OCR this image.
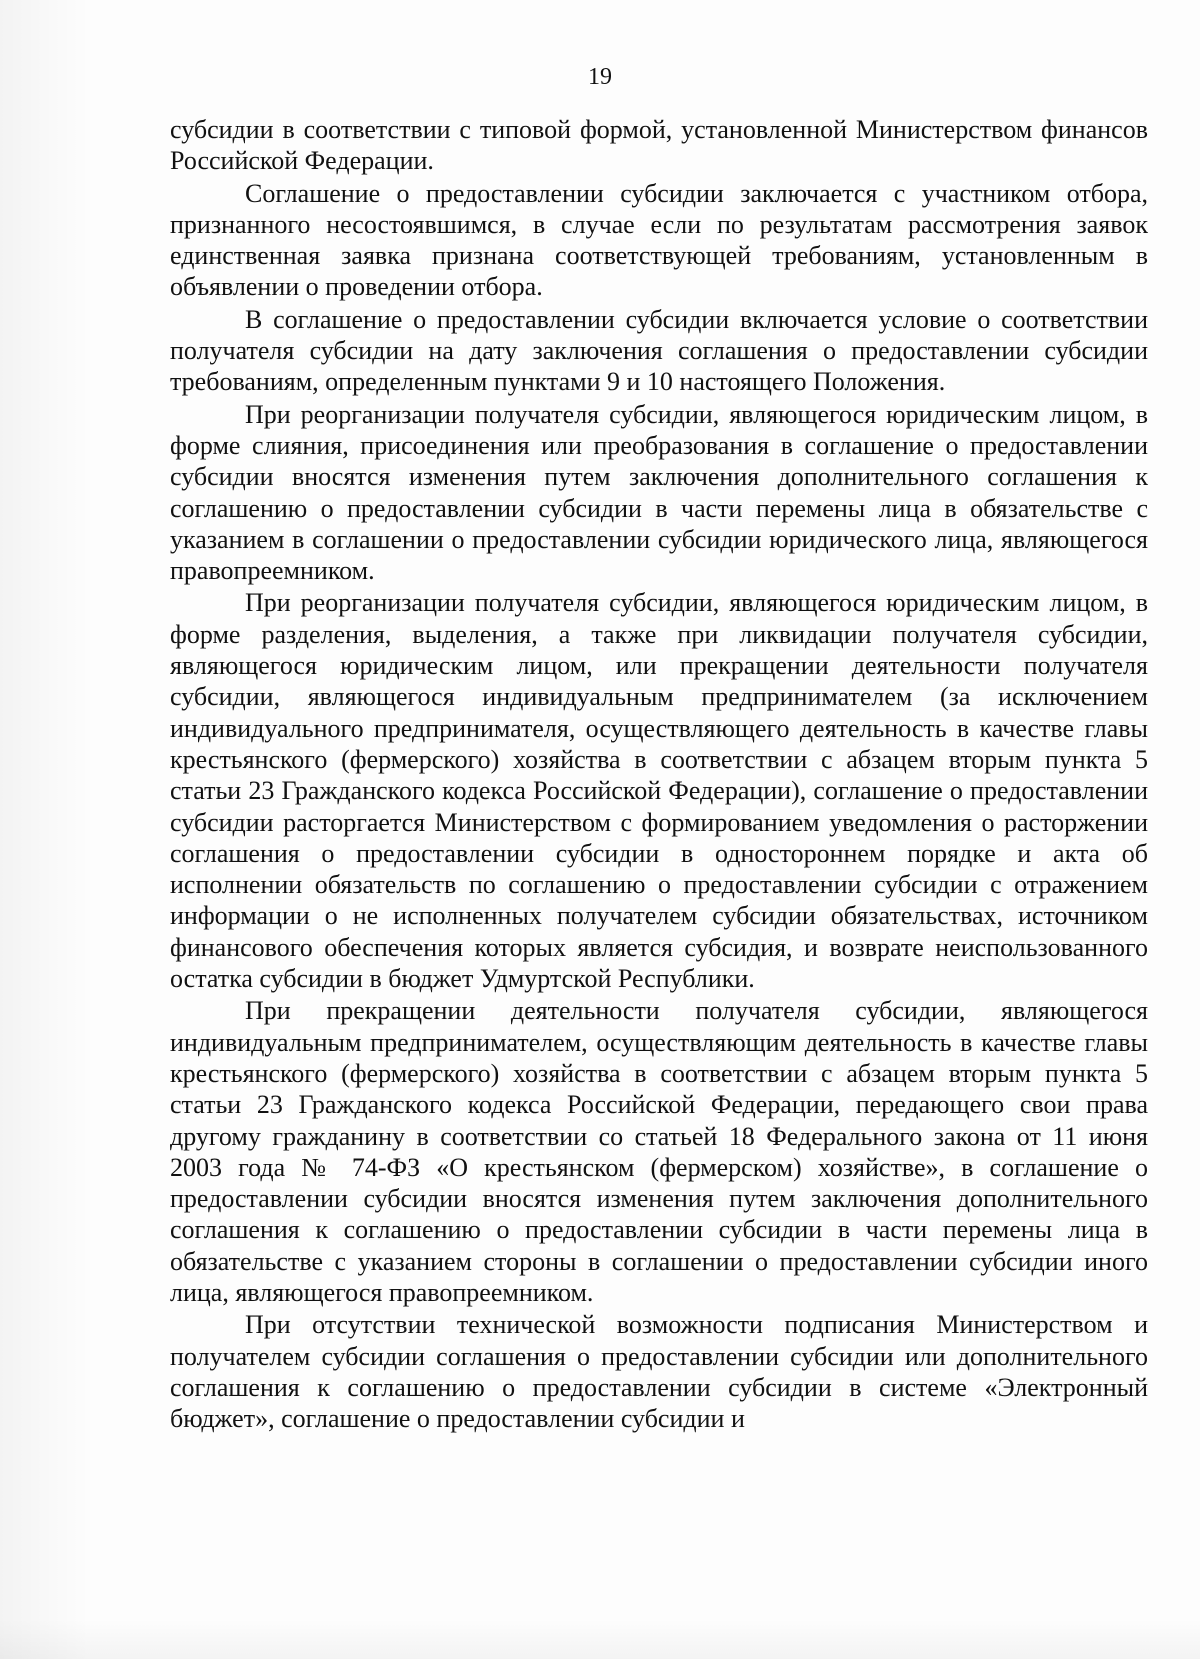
19

субсидии в соответствии с типовой формой, установленной Министерством финансов Российской Федерации.

Соглашение о предоставлении субсидии заключается с участником отбора, признанного несостоявшимся, в случае если по результатам рассмотрения заявок единственная заявка признана соответствующей требованиям, установленным в объявлении о проведении отбора.

В соглашение о предоставлении субсидии включается условие о соответствии получателя субсидии на дату заключения соглашения о предоставлении субсидии требованиям, определенным пунктами 9 и 10 настоящего Положения.

При реорганизации получателя субсидии, являющегося юридическим лицом, в форме слияния, присоединения или преобразования в соглашение о предоставлении субсидии вносятся изменения путем заключения дополнительного соглашения к соглашению о предоставлении субсидии в части перемены лица в обязательстве с указанием в соглашении о предоставлении субсидии юридического лица, являющегося правопреемником.

При реорганизации получателя субсидии, являющегося юридическим лицом, в форме разделения, выделения, а также при ликвидации получателя субсидии, являющегося юридическим лицом, или прекращении деятельности получателя субсидии, являющегося индивидуальным предпринимателем (за исключением индивидуального предпринимателя, осуществляющего деятельность в качестве главы крестьянского (фермерского) хозяйства в соответствии с абзацем вторым пункта 5 статьи 23 Гражданского кодекса Российской Федерации), соглашение о предоставлении субсидии расторгается Министерством с формированием уведомления о расторжении соглашения о предоставлении субсидии в одностороннем порядке и акта об исполнении обязательств по соглашению о предоставлении субсидии с отражением информации о не исполненных получателем субсидии обязательствах, источником финансового обеспечения которых является субсидия, и возврате неиспользованного остатка субсидии в бюджет Удмуртской Республики.

При прекращении деятельности получателя субсидии, являющегося индивидуальным предпринимателем, осуществляющим деятельность в качестве главы крестьянского (фермерского) хозяйства в соответствии с абзацем вторым пункта 5 статьи 23 Гражданского кодекса Российской Федерации, передающего свои права другому гражданину в соответствии со статьей 18 Федерального закона от 11 июня 2003 года № 74-ФЗ «О крестьянском (фермерском) хозяйстве», в соглашение о предоставлении субсидии вносятся изменения путем заключения дополнительного соглашения к соглашению о предоставлении субсидии в части перемены лица в обязательстве с указанием стороны в соглашении о предоставлении субсидии иного лица, являющегося правопреемником.

При отсутствии технической возможности подписания Министерством и получателем субсидии соглашения о предоставлении субсидии или дополнительного соглашения к соглашению о предоставлении субсидии в системе «Электронный бюджет», соглашение о предоставлении субсидии и
